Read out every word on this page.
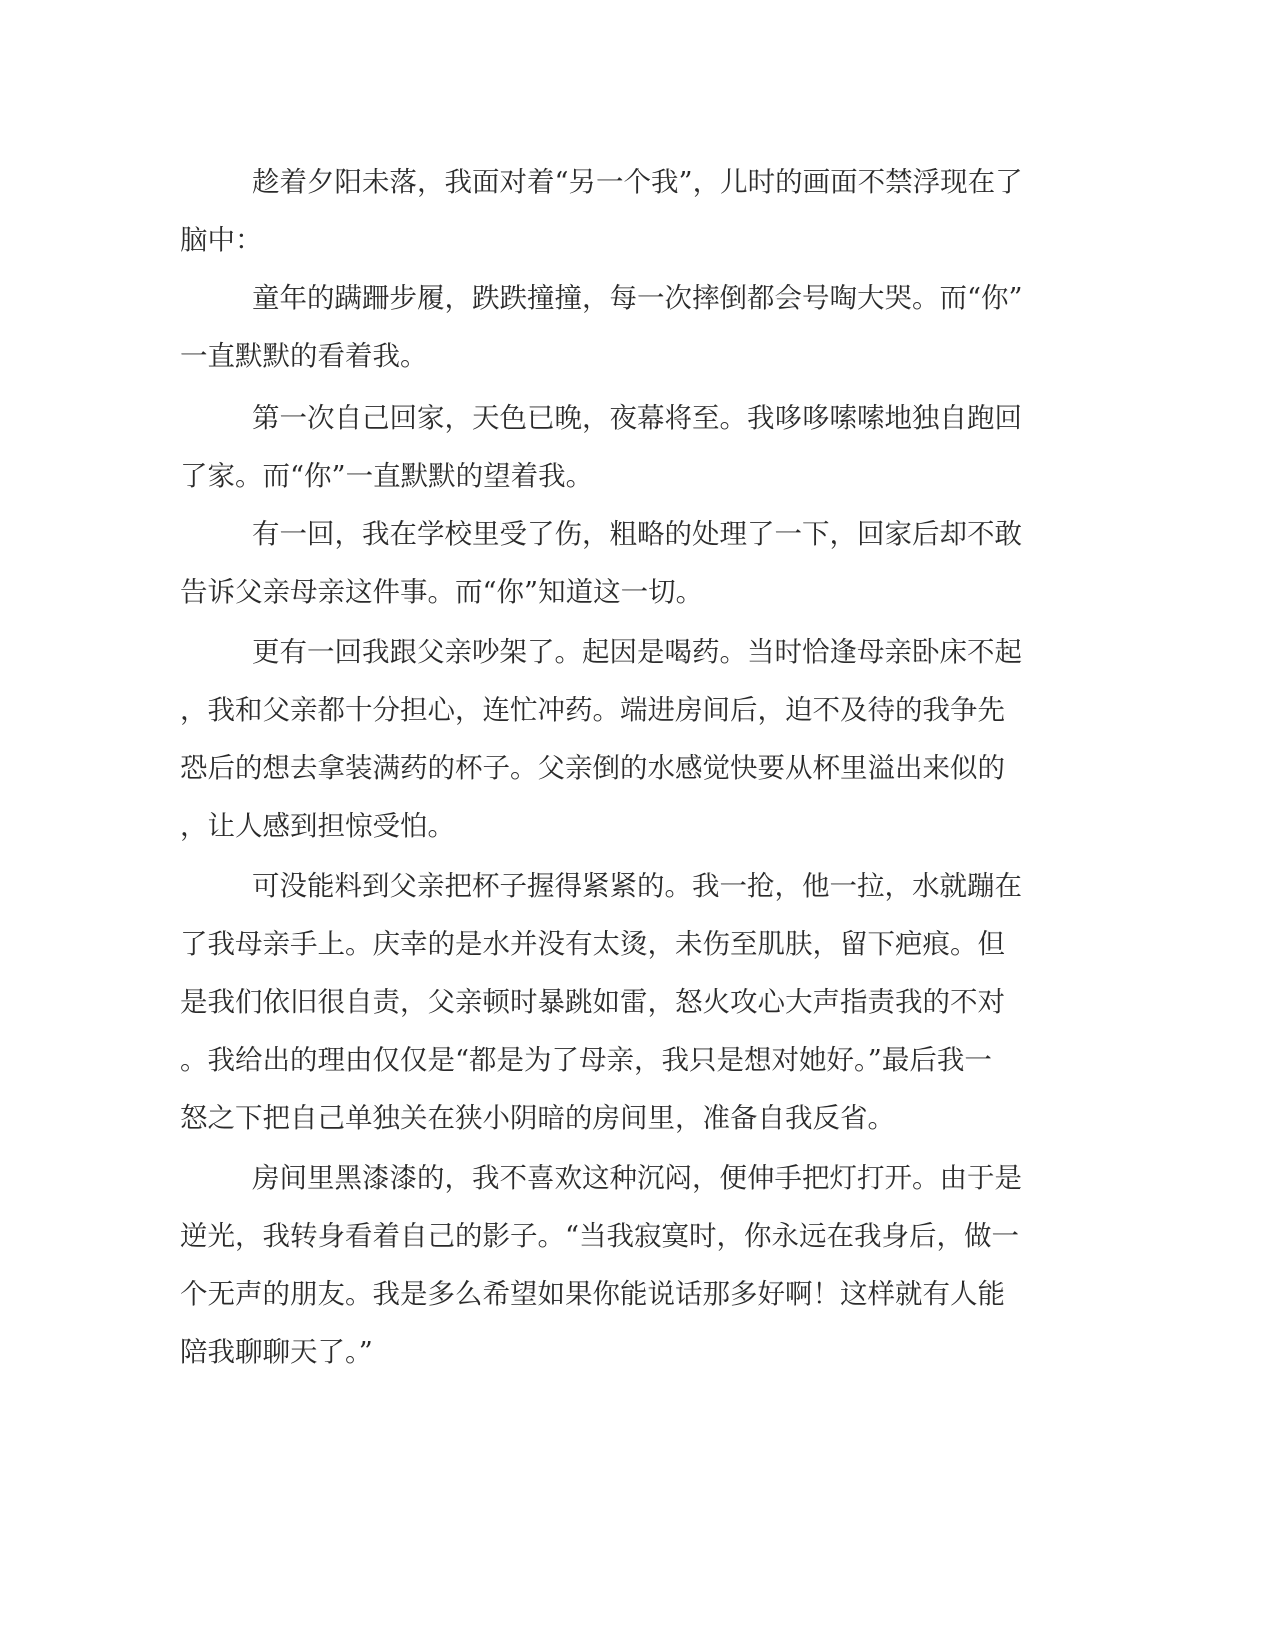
趁着夕阳未落，我面对着“另一个我”，儿时的画面不禁浮现在了

脑中：

童年的蹒跚步履，跌跌撞撞，每一次摔倒都会号啕大哭。而“你”

一直默默的看着我。

第一次自己回家，天色已晚，夜幕将至。我哆哆嗦嗦地独自跑回

了家。而“你”一直默默的望着我。

有一回，我在学校里受了伤，粗略的处理了一下，回家后却不敢

告诉父亲母亲这件事。而“你”知道这一切。

更有一回我跟父亲吵架了。起因是喝药。当时恰逢母亲卧床不起

，我和父亲都十分担心，连忙冲药。端进房间后，迫不及待的我争先

恐后的想去拿装满药的杯子。父亲倒的水感觉快要从杯里溢出来似的

，让人感到担惊受怕。

可没能料到父亲把杯子握得紧紧的。我一抢，他一拉，水就蹦在

了我母亲手上。庆幸的是水并没有太烫，未伤至肌肤，留下疤痕。但

是我们依旧很自责，父亲顿时暴跳如雷，怒火攻心大声指责我的不对

。我给出的理由仅仅是“都是为了母亲，我只是想对她好。”最后我一

怒之下把自己单独关在狭小阴暗的房间里，准备自我反省。

房间里黑漆漆的，我不喜欢这种沉闷，便伸手把灯打开。由于是

逆光，我转身看着自己的影子。“当我寂寞时，你永远在我身后，做一

个无声的朋友。我是多么希望如果你能说话那多好啊！这样就有人能

陪我聊聊天了。”
